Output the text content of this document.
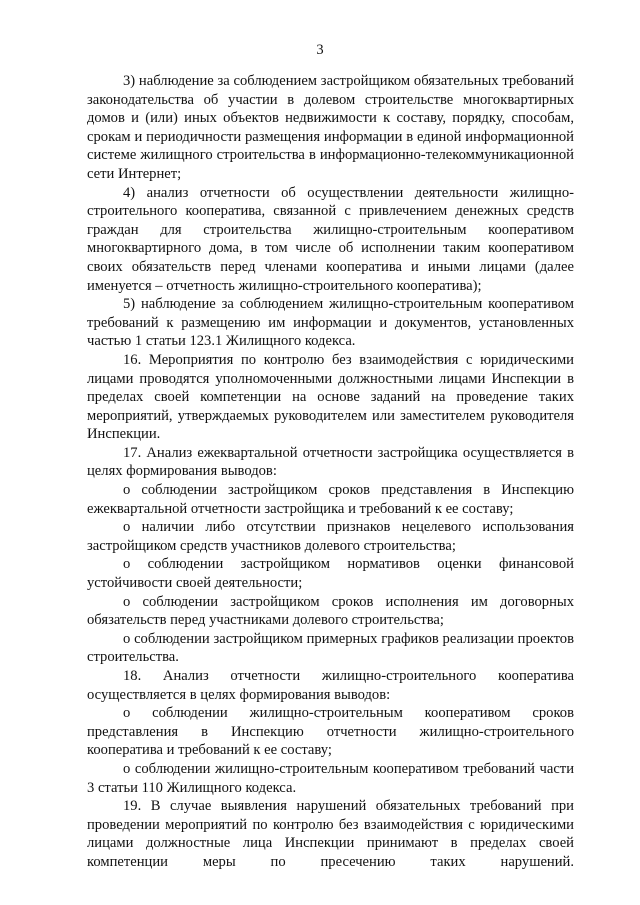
3

3) наблюдение за соблюдением застройщиком обязательных требований законодательства об участии в долевом строительстве многоквартирных домов и (или) иных объектов недвижимости к составу, порядку, способам, срокам и периодичности размещения информации в единой информационной системе жилищного строительства в информационно-телекоммуникационной сети Интернет;

4) анализ отчетности об осуществлении деятельности жилищно-строительного кооператива, связанной с привлечением денежных средств граждан для строительства жилищно-строительным кооперативом многоквартирного дома, в том числе об исполнении таким кооперативом своих обязательств перед членами кооператива и иными лицами (далее именуется – отчетность жилищно-строительного кооператива);

5) наблюдение за соблюдением жилищно-строительным кооперативом требований к размещению им информации и документов, установленных частью 1 статьи 123.1 Жилищного кодекса.

16. Мероприятия по контролю без взаимодействия с юридическими лицами проводятся уполномоченными должностными лицами Инспекции в пределах своей компетенции на основе заданий на проведение таких мероприятий, утверждаемых руководителем или заместителем руководителя Инспекции.

17. Анализ ежеквартальной отчетности застройщика осуществляется в целях формирования выводов:

о соблюдении застройщиком сроков представления в Инспекцию ежеквартальной отчетности застройщика и требований к ее составу;

о наличии либо отсутствии признаков нецелевого использования застройщиком средств участников долевого строительства;

о соблюдении застройщиком нормативов оценки финансовой устойчивости своей деятельности;

о соблюдении застройщиком сроков исполнения им договорных обязательств перед участниками долевого строительства;

о соблюдении застройщиком примерных графиков реализации проектов строительства.

18. Анализ отчетности жилищно-строительного кооператива осуществляется в целях формирования выводов:

о соблюдении жилищно-строительным кооперативом сроков представления в Инспекцию отчетности жилищно-строительного кооператива и требований к ее составу;

о соблюдении жилищно-строительным кооперативом требований части 3 статьи 110 Жилищного кодекса.

19. В случае выявления нарушений обязательных требований при проведении мероприятий по контролю без взаимодействия с юридическими лицами должностные лица Инспекции принимают в пределах своей компетенции меры по пресечению таких нарушений.
